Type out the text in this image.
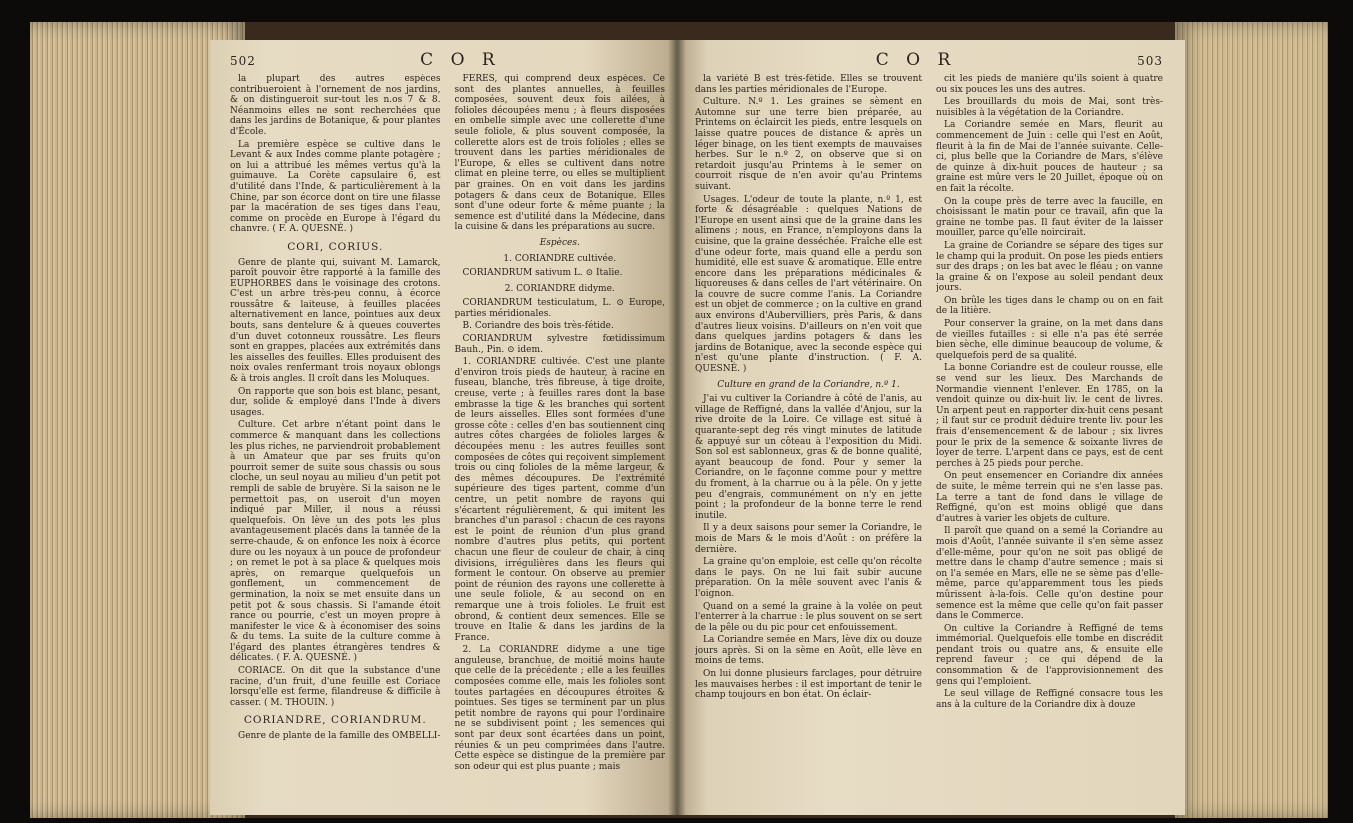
502	C O R

la plupart des autres espèces contribueroient à l'ornement de nos jardins, & on distingueroit sur-tout les n.os 7 & 8. Néanmoins elles ne sont recherchées que dans les jardins de Botanique, & pour plantes d'École.

La première espèce se cultive dans le Levant & aux Indes comme plante potagère ; on lui a attribué les mêmes vertus qu'à la guimauve. La Corète capsulaire 6, est d'utilité dans l'Inde, & particulièrement à la Chine, par son écorce dont on tire une filasse par la macération de ses tiges dans l'eau, comme on procède en Europe à l'égard du chanvre. ( F. A. QUESNÉ. )

CORI, CORIUS.

Genre de plante qui, suivant M. Lamarck, paroît pouvoir être rapporté à la famille des EUPHORBES dans le voisinage des crotons. C'est un arbre très-peu connu, à écorce roussâtre & laiteuse, à feuilles placées alternativement en lance, pointues aux deux bouts, sans dentelure & à queues couvertes d'un duvet cotonneux roussâtre. Les fleurs sont en grappes, placées aux extrémités dans les aisselles des feuilles. Elles produisent des noix ovales renfermant trois noyaux oblongs & à trois angles. Il croît dans les Moluques.

On rapporte que son bois est blanc, pesant, dur, solide & employé dans l'Inde à divers usages.

Culture. Cet arbre n'étant point dans le commerce & manquant dans les collections les plus riches, ne parviendroit probablement à un Amateur que par ses fruits qu'on pourroit semer de suite sous chassis ou sous cloche, un seul noyau au milieu d'un petit pot rempli de sable de bruyère. Si la saison ne le permettoit pas, on useroit d'un moyen indiqué par Miller, il nous a réussi quelquefois. On lève un des pots les plus avantageusement placés dans la tannée de la serre-chaude, & on enfonce les noix à écorce dure ou les noyaux à un pouce de profondeur ; on remet le pot à sa place & quelques mois après, on remarque quelquefois un gonflement, un commencement de germination, la noix se met ensuite dans un petit pot & sous chassis. Si l'amande étoit rance ou pourrie, c'est un moyen propre à manifester le vice & à économiser des soins & du tems. La suite de la culture comme à l'égard des plantes étrangères tendres & délicates. ( F. A. QUESNÉ. )

CORIACE. On dit que la substance d'une racine, d'un fruit, d'une feuille est Coriace lorsqu'elle est ferme, filandreuse & difficile à casser. ( M. THOUIN. )

CORIANDRE, CORIANDRUM.

Genre de plante de la famille des OMBELLI-

FÈRES, qui comprend deux espèces. Ce sont des plantes annuelles, à feuilles composées, souvent deux fois ailées, à folioles découpées menu ; à fleurs disposées en ombelle simple avec une collerette d'une seule foliole, & plus souvent composée, la collerette alors est de trois folioles ; elles se trouvent dans les parties méridionales de l'Europe, & elles se cultivent dans notre climat en pleine terre, ou elles se multiplient par graines. On en voit dans les jardins potagers & dans ceux de Botanique. Elles sont d'une odeur forte & même puante ; la semence est d'utilité dans la Médecine, dans la cuisine & dans les préparations au sucre.

Espèces.

1. CORIANDRE cultivée.

CORIANDRUM sativum L. ⊙ Italie.

2. CORIANDRE didyme.

CORIANDRUM testiculatum, L. ⊙ Europe, parties méridionales.

B. Coriandre des bois très-fétide.

CORIANDRUM sylvestre fœtidissimum Bauh., Pin. ⊙ idem.

1. CORIANDRE cultivée. C'est une plante d'environ trois pieds de hauteur, à racine en fuseau, blanche, très fibreuse, à tige droite, creuse, verte ; à feuilles rares dont la base embrasse la tige & les branches qui sortent de leurs aisselles. Elles sont formées d'une grosse côte : celles d'en bas soutiennent cinq autres côtes chargées de folioles larges & découpées menu : les autres feuilles sont composées de côtes qui reçoivent simplement trois ou cinq folioles de la même largeur, & des mêmes découpures. De l'extrémité supérieure des tiges partent, comme d'un centre, un petit nombre de rayons qui s'écartent régulièrement, & qui imitent les branches d'un parasol : chacun de ces rayons est le point de réunion d'un plus grand nombre d'autres plus petits, qui portent chacun une fleur de couleur de chair, à cinq divisions, irrégulières dans les fleurs qui forment le contour. On observe au premier point de réunion des rayons une collerette à une seule foliole, & au second on en remarque une à trois folioles. Le fruit est obrond, & contient deux semences. Elle se trouve en Italie & dans les jardins de la France.

2. La CORIANDRE didyme a une tige anguleuse, branchue, de moitié moins haute que celle de la précédente ; elle a les feuilles composées comme elle, mais les folioles sont toutes partagées en découpures étroites & pointues. Ses tiges se terminent par un plus petit nombre de rayons qui pour l'ordinaire ne se subdivisent point ; les semences qui sont par deux sont écartées dans un point, réunies & un peu comprimées dans l'autre. Cette espèce se distingue de la première par son odeur qui est plus puante ; mais

C O R	503

la variété B est très-fétide. Elles se trouvent dans les parties méridionales de l'Europe.

Culture. N.º 1. Les graines se sèment en Automne sur une terre bien préparée, au Printems on éclaircit les pieds, entre lesquels on laisse quatre pouces de distance & après un léger binage, on les tient exempts de mauvaises herbes. Sur le n.º 2, on observe que si on retardoit jusqu'au Printems à le semer on courroit risque de n'en avoir qu'au Printems suivant.

Usages. L'odeur de toute la plante, n.º 1, est forte & désagréable : quelques Nations de l'Europe en usent ainsi que de la graine dans les alimens ; nous, en France, n'employons dans la cuisine, que la graine desséchée. Fraîche elle est d'une odeur forte, mais quand elle a perdu son humidité, elle est suave & aromatique. Elle entre encore dans les préparations médicinales & liquoreuses & dans celles de l'art vétérinaire. On la couvre de sucre comme l'anis. La Coriandre est un objet de commerce ; on la cultive en grand aux environs d'Aubervilliers, près Paris, & dans d'autres lieux voisins. D'ailleurs on n'en voit que dans quelques jardins potagers & dans les jardins de Botanique, avec la seconde espèce qui n'est qu'une plante d'instruction. ( F. A. QUESNÉ. )

Culture en grand de la Coriandre, n.º 1.

J'ai vu cultiver la Coriandre à côté de l'anis, au village de Reffigné, dans la vallée d'Anjou, sur la rive droite de la Loire. Ce village est situé à quarante-sept deg rés vingt minutes de latitude & appuyé sur un côteau à l'exposition du Midi. Son sol est sablonneux, gras & de bonne qualité, ayant beaucoup de fond. Pour y semer la Coriandre, on le façonne comme pour y mettre du froment, à la charrue ou à la pêle. On y jette peu d'engrais, communément on n'y en jette point ; la profondeur de la bonne terre le rend inutile.

Il y a deux saisons pour semer la Coriandre, le mois de Mars & le mois d'Août : on préfère la dernière.

La graine qu'on emploie, est celle qu'on récolte dans le pays. On ne lui fait subir aucune préparation. On la mêle souvent avec l'anis & l'oignon.

Quand on a semé la graine à la volée on peut l'enterrer à la charrue : le plus souvent on se sert de la pêle ou du pic pour cet enfouissement.

La Coriandre semée en Mars, lève dix ou douze jours après. Si on la sème en Août, elle lève en moins de tems.

On lui donne plusieurs farclages, pour détruire les mauvaises herbes : il est important de tenir le champ toujours en bon état. On éclair-

cit les pieds de manière qu'ils soient à quatre ou six pouces les uns des autres.

Les brouillards du mois de Mai, sont très-nuisibles à la végétation de la Coriandre.

La Coriandre semée en Mars, fleurit au commencement de Juin : celle qui l'est en Août, fleurit à la fin de Mai de l'année suivante. Celle-ci, plus belle que la Coriandre de Mars, s'élève de quinze à dix-huit pouces de hauteur ; sa graine est mûre vers le 20 Juillet, époque où on en fait la récolte.

On la coupe près de terre avec la faucille, en choisissant le matin pour ce travail, afin que la graine ne tombe pas. Il faut éviter de la laisser mouiller, parce qu'elle noircirait.

La graine de Coriandre se sépare des tiges sur le champ qui la produit. On pose les pieds entiers sur des draps ; on les bat avec le fléau ; on vanne la graine & on l'expose au soleil pendant deux jours.

On brûle les tiges dans le champ ou on en fait de la litière.

Pour conserver la graine, on la met dans dans de vieilles futailles : si elle n'a pas été serrée bien sèche, elle diminue beaucoup de volume, & quelquefois perd de sa qualité.

La bonne Coriandre est de couleur rousse, elle se vend sur les lieux. Des Marchands de Normandie viennent l'enlever. En 1785, on la vendoit quinze ou dix-huit liv. le cent de livres. Un arpent peut en rapporter dix-huit cens pesant ; il faut sur ce produit déduire trente liv. pour les frais d'ensemencement & de labour ; six livres pour le prix de la semence & soixante livres de loyer de terre. L'arpent dans ce pays, est de cent perches à 25 pieds pour perche.

On peut ensemencer en Coriandre dix années de suite, le même terrein qui ne s'en lasse pas. La terre a tant de fond dans le village de Reffigné, qu'on est moins obligé que dans d'autres à varier les objets de culture.

Il paroît que quand on a semé la Coriandre au mois d'Août, l'année suivante il s'en sème assez d'elle-même, pour qu'on ne soit pas obligé de mettre dans le champ d'autre semence ; mais si on l'a semée en Mars, elle ne se sème pas d'elle-même, parce qu'apparemment tous les pieds mûrissent à-la-fois. Celle qu'on destine pour semence est la même que celle qu'on fait passer dans le Commerce.

On cultive la Coriandre à Reffigné de tems immémorial. Quelquefois elle tombe en discrédit pendant trois ou quatre ans, & ensuite elle reprend faveur ; ce qui dépend de la consommation & de l'approvisionnement des gens qui l'emploient.

Le seul village de Reffigné consacre tous les ans à la culture de la Coriandre dix à douze
